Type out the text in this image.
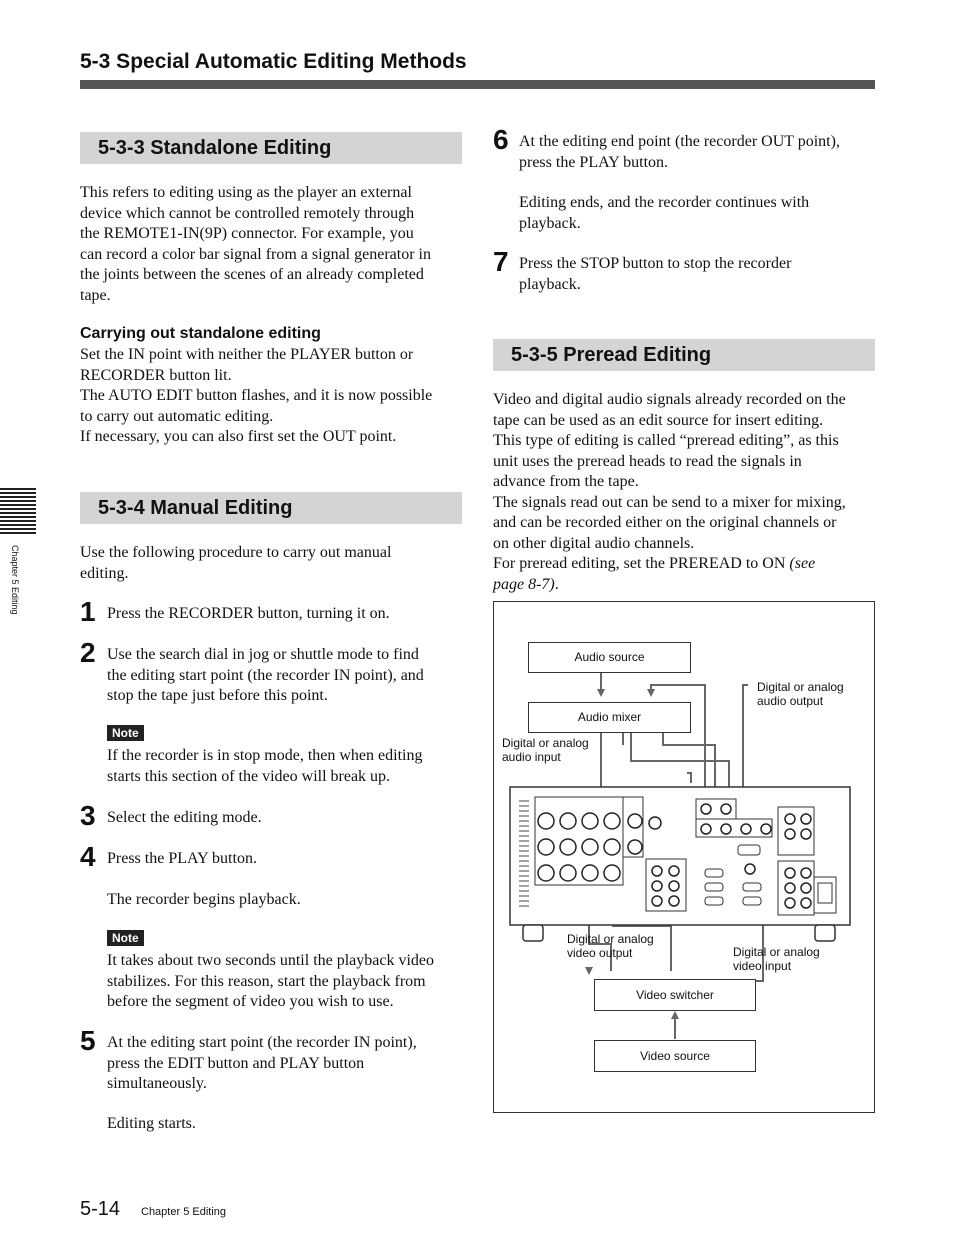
5-3 Special Automatic Editing Methods
Chapter 5 Editing
5-3-3 Standalone Editing
This refers to editing using as the player an external
device which cannot be controlled remotely through
the REMOTE1-IN(9P) connector. For example, you
can record a color bar signal from a signal generator in
the joints between the scenes of an already completed
tape.
Carrying out standalone editing
Set the IN point with neither the PLAYER button or
RECORDER button lit.
The AUTO EDIT button flashes, and it is now possible
to carry out automatic editing.
If necessary, you can also first set the OUT point.
5-3-4 Manual Editing
Use the following procedure to carry out manual
editing.
1 Press the RECORDER button, turning it on.
2 Use the search dial in jog or shuttle mode to find
the editing start point (the recorder IN point), and
stop the tape just before this point.
Note
If the recorder is in stop mode, then when editing
starts this section of the video will break up.
3 Select the editing mode.
4 Press the PLAY button.
The recorder begins playback.
Note
It takes about two seconds until the playback video
stabilizes. For this reason, start the playback from
before the segment of video you wish to use.
5 At the editing start point (the recorder IN point),
press the EDIT button and PLAY button
simultaneously.
Editing starts.
6 At the editing end point (the recorder OUT point),
press the PLAY button.
Editing ends, and the recorder continues with
playback.
7 Press the STOP button to stop the recorder
playback.
5-3-5 Preread Editing
Video and digital audio signals already recorded on the
tape can be used as an edit source for insert editing.
This type of editing is called “preread editing”, as this
unit uses the preread heads to read the signals in
advance from the tape.
The signals read out can be send to a mixer for mixing,
and can be recorded either on the original channels or
on other digital audio channels.
For preread editing, set the PREREAD to ON (see
page 8-7).
Audio source
Audio mixer
Digital or analog
audio output
Digital or analog
audio input
Digital or analog
video output	Digital or analog
video input
Video switcher
Video source
5-14 Chapter 5 Editing
